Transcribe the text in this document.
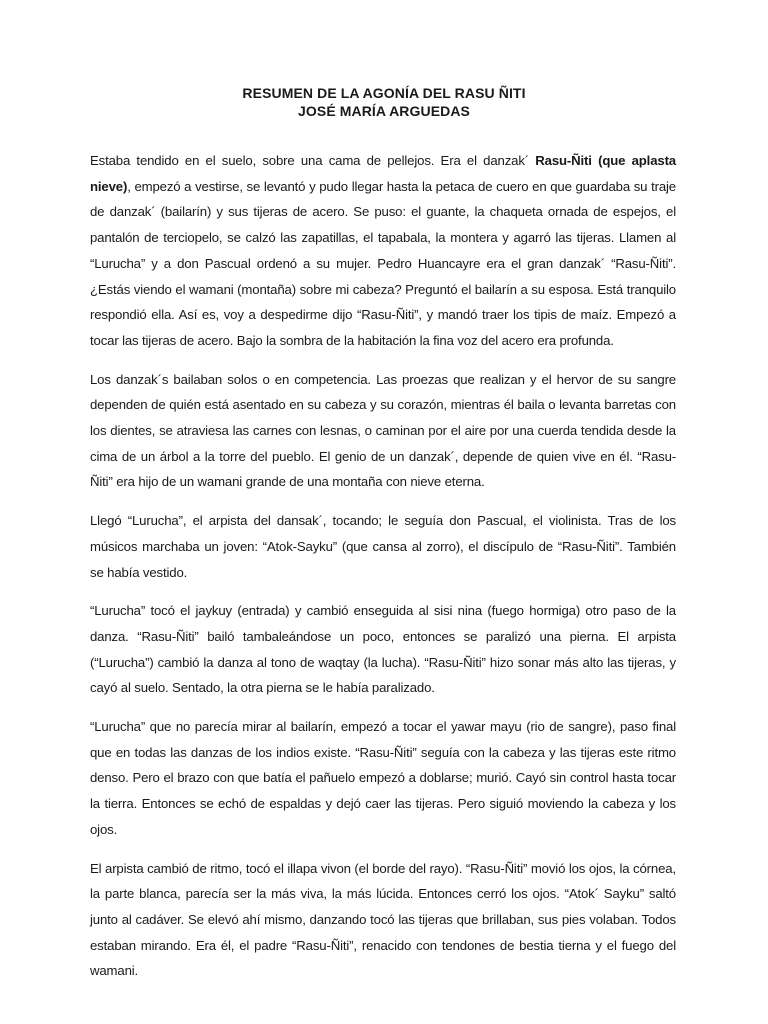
RESUMEN DE LA AGONÍA DEL RASU ÑITI
JOSÉ MARÍA ARGUEDAS

Estaba tendido en el suelo, sobre una cama de pellejos. Era el danzak´ Rasu-Ñiti (que aplasta nieve), empezó a vestirse, se levantó y pudo llegar hasta la petaca de cuero en que guardaba su traje de danzak´ (bailarín) y sus tijeras de acero. Se puso: el guante, la chaqueta ornada de espejos, el pantalón de terciopelo, se calzó las zapatillas, el tapabala, la montera y agarró las tijeras. Llamen al “Lurucha” y a don Pascual ordenó a su mujer. Pedro Huancayre era el gran danzak´ “Rasu-Ñiti”. ¿Estás viendo el wamani (montaña) sobre mi cabeza? Preguntó el bailarín a su esposa. Está tranquilo respondió ella. Así es, voy a despedirme dijo “Rasu-Ñiti”, y mandó traer los tipis de maíz. Empezó a tocar las tijeras de acero. Bajo la sombra de la habitación la fina voz del acero era profunda.

Los danzak´s bailaban solos o en competencia. Las proezas que realizan y el hervor de su sangre dependen de quién está asentado en su cabeza y su corazón, mientras él baila o levanta barretas con los dientes, se atraviesa las carnes con lesnas, o caminan por el aire por una cuerda tendida desde la cima de un árbol a la torre del pueblo. El genio de un danzak´, depende de quien vive en él. “Rasu-Ñiti” era hijo de un wamani grande de una montaña con nieve eterna.

Llegó “Lurucha”, el arpista del dansak´, tocando; le seguía don Pascual, el violinista. Tras de los músicos marchaba un joven: “Atok-Sayku” (que cansa al zorro), el discípulo de “Rasu-Ñiti”. También se había vestido.

“Lurucha” tocó el jaykuy (entrada) y cambió enseguida al sisi nina (fuego hormiga) otro paso de la danza. “Rasu-Ñiti” bailó tambaleándose un poco, entonces se paralizó una pierna. El arpista (“Lurucha”) cambió la danza al tono de waqtay (la lucha). “Rasu-Ñiti” hizo sonar más alto las tijeras, y cayó al suelo. Sentado, la otra pierna se le había paralizado.

“Lurucha” que no parecía mirar al bailarín, empezó a tocar el yawar mayu (rio de sangre), paso final que en todas las danzas de los indios existe. “Rasu-Ñiti” seguía con la cabeza y las tijeras este ritmo denso. Pero el brazo con que batía el pañuelo empezó a doblarse; murió. Cayó sin control hasta tocar la tierra. Entonces se echó de espaldas y dejó caer las tijeras. Pero siguió moviendo la cabeza y los ojos.

El arpista cambió de ritmo, tocó el illapa vivon (el borde del rayo). “Rasu-Ñiti” movió los ojos, la córnea, la parte blanca, parecía ser la más viva, la más lúcida. Entonces cerró los ojos. “Atok´ Sayku” saltó junto al cadáver. Se elevó ahí mismo, danzando tocó las tijeras que brillaban, sus pies volaban. Todos estaban mirando. Era él, el padre “Rasu-Ñiti”, renacido con tendones de bestia tierna y el fuego del wamani.
